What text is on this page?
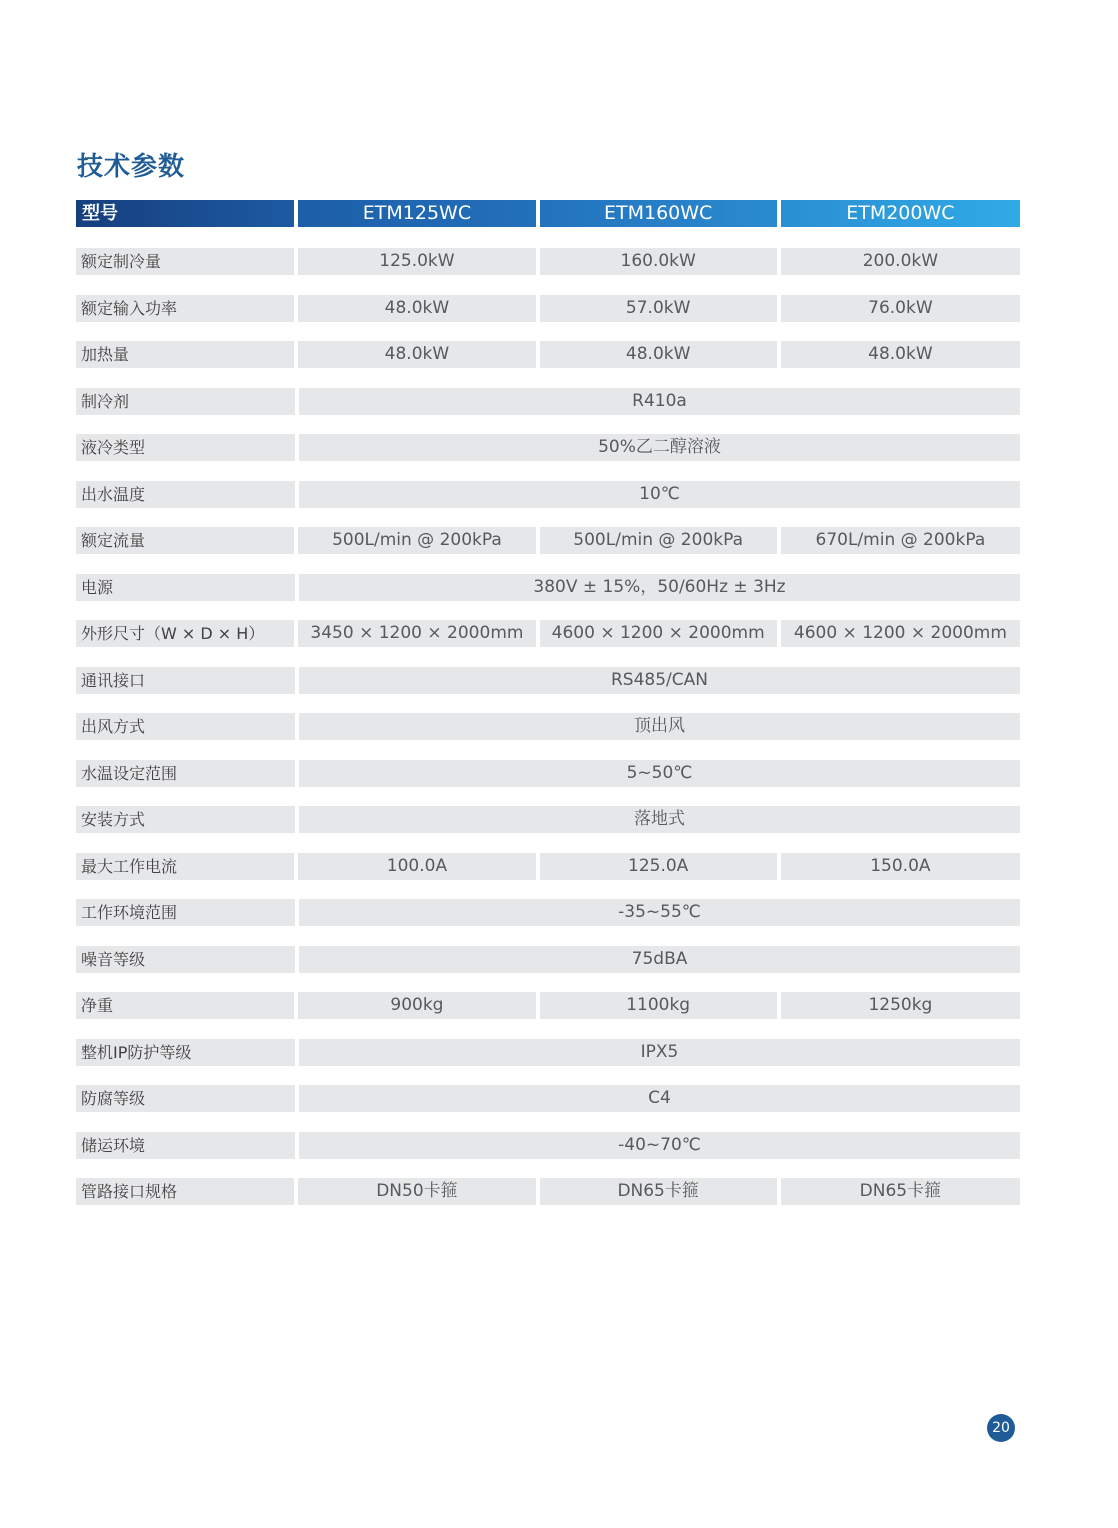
技术参数
型号	ETM125WC	ETM160WC	ETM200WC
额定制冷量	125.0kW	160.0kW	200.0kW
额定输入功率	48.0kW	57.0kW	76.0kW
加热量	48.0kW	48.0kW	48.0kW
制冷剂	R410a
液冷类型	50%乙二醇溶液
出水温度	10℃
额定流量	500L/min @ 200kPa	500L/min @ 200kPa	670L/min @ 200kPa
电源	380V ± 15%，50/60Hz ± 3Hz
外形尺寸（W × D × H）	3450 × 1200 × 2000mm	4600 × 1200 × 2000mm	4600 × 1200 × 2000mm
通讯接口	RS485/CAN
出风方式	顶出风
水温设定范围	5~50℃
安装方式	落地式
最大工作电流	100.0A	125.0A	150.0A
工作环境范围	-35~55℃
噪音等级	75dBA
净重	900kg	1100kg	1250kg
整机IP防护等级	IPX5
防腐等级	C4
储运环境	-40~70℃
管路接口规格	DN50卡箍	DN65卡箍	DN65卡箍
20
